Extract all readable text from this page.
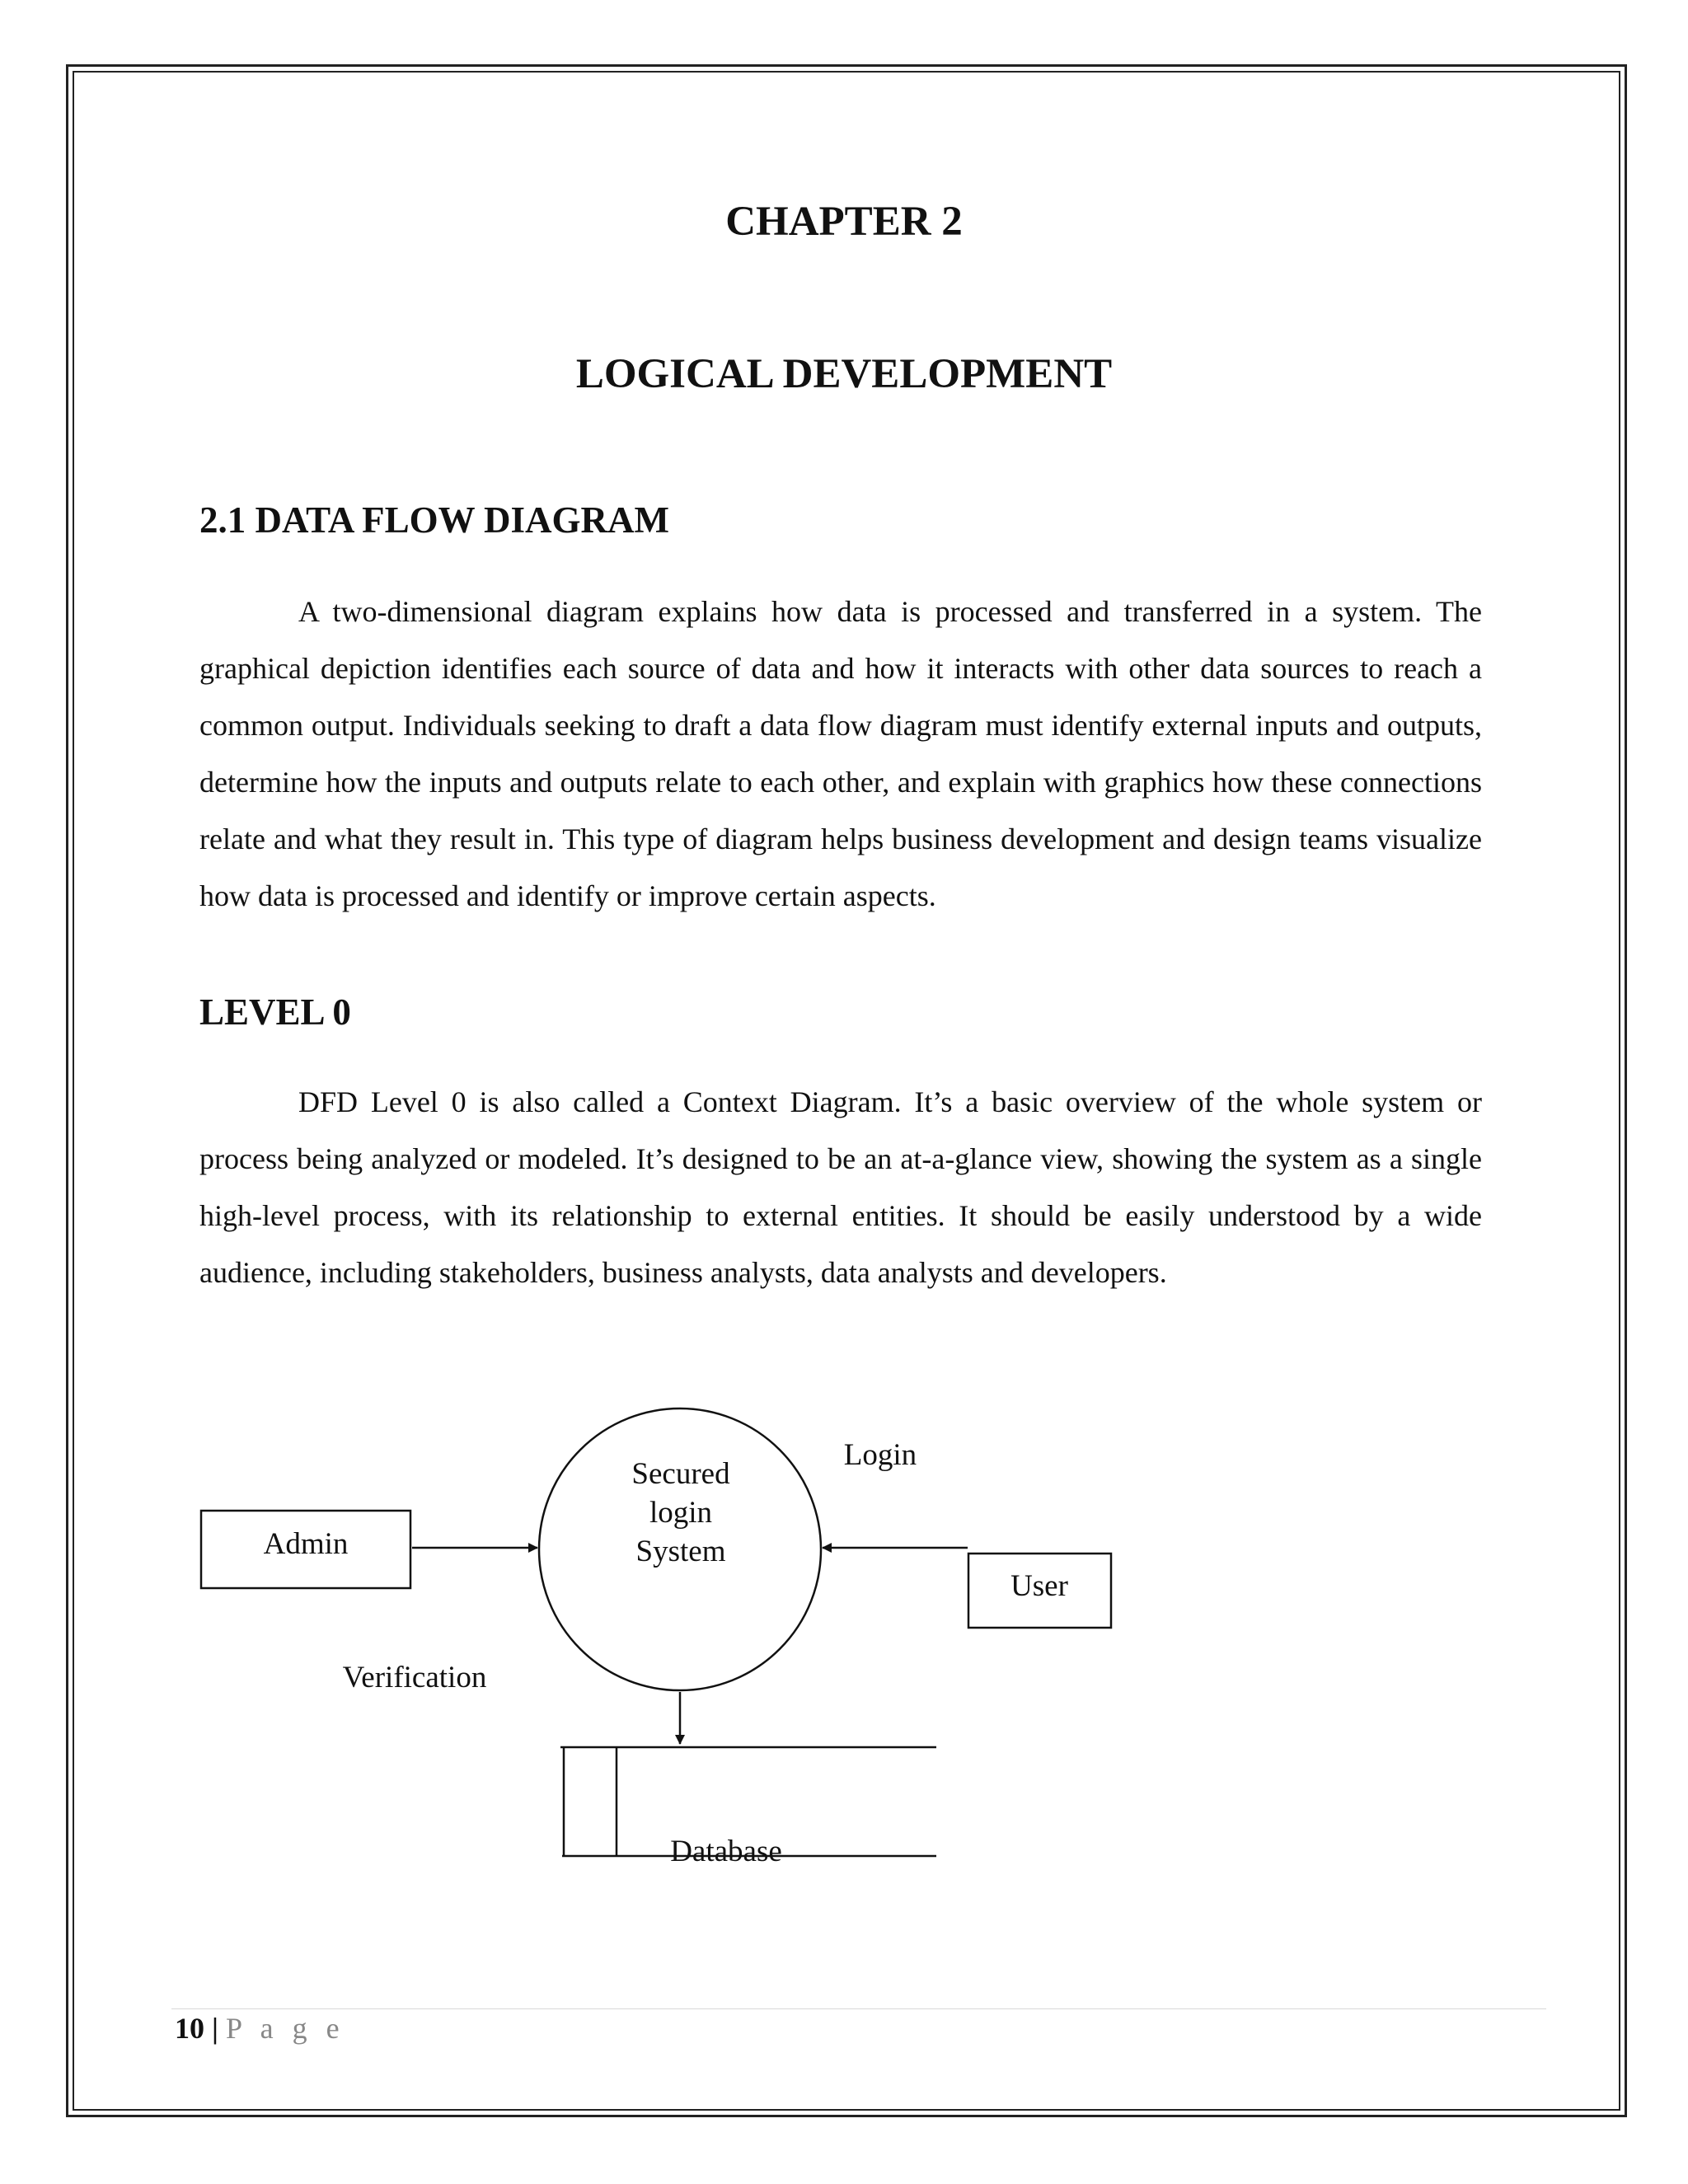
CHAPTER 2
LOGICAL DEVELOPMENT
2.1 DATA FLOW DIAGRAM

A two-dimensional diagram explains how data is processed and transferred in a system. The graphical depiction identifies each source of data and how it interacts with other data sources to reach a common output. Individuals seeking to draft a data flow diagram must identify external inputs and outputs, determine how the inputs and outputs relate to each other, and explain with graphics how these connections relate and what they result in. This type of diagram helps business development and design teams visualize how data is processed and identify or improve certain aspects.

LEVEL 0

DFD Level 0 is also called a Context Diagram. It’s a basic overview of the whole system or process being analyzed or modeled. It’s designed to be an at-a-glance view, showing the system as a single high-level process, with its relationship to external entities. It should be easily understood by a wide audience, including stakeholders, business analysts, data analysts and developers.

Admin
Secured
login
System
Login
User
Verification
Database
10 | P a g e
